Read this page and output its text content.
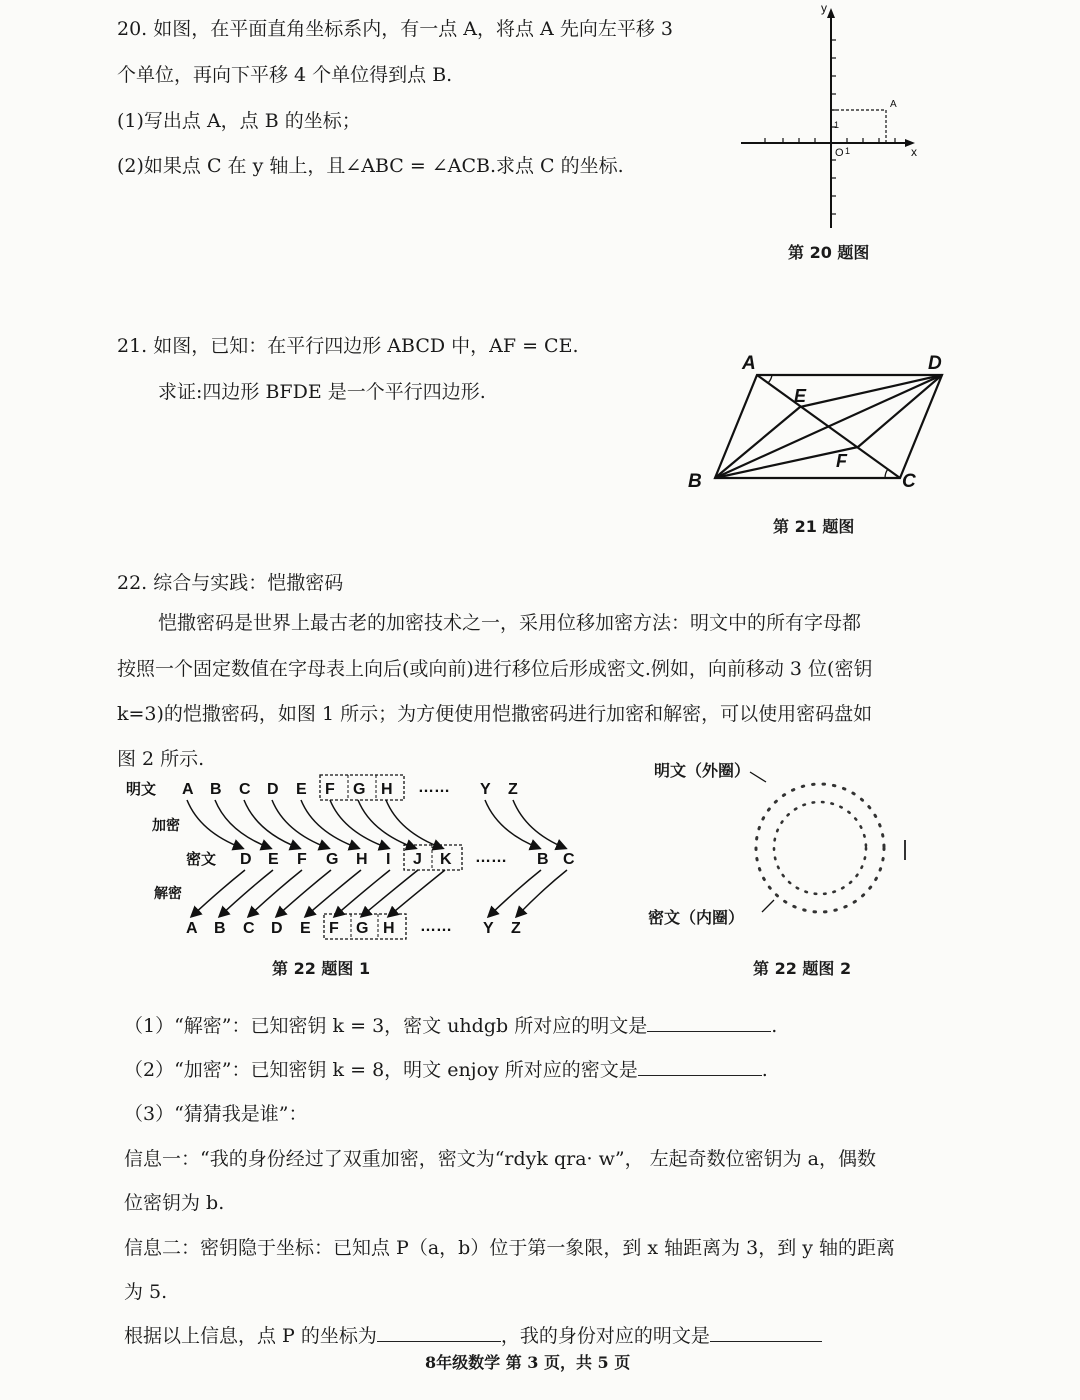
20. 如图，在平面直角坐标系内，有一点 A，将点 A 先向左平移 3
个单位，再向下平移 4 个单位得到点 B.
(1)写出点 A，点 B 的坐标；
(2)如果点 C 在 y 轴上，且∠ABC = ∠ACB.求点 C 的坐标.
y
x
O
1
1
A
第 20 题图
21. 如图，已知：在平行四边形 ABCD 中，AF = CE.
求证:四边形 BFDE 是一个平行四边形.
A	D
B	C
E
F
第 21 题图
22. 综合与实践：恺撒密码
恺撒密码是世界上最古老的加密技术之一，采用位移加密方法：明文中的所有字母都
按照一个固定数值在字母表上向后(或向前)进行移位后形成密文.例如，向前移动 3 位(密钥
k=3)的恺撒密码，如图 1 所示；为方便使用恺撒密码进行加密和解密，可以使用密码盘如
图 2 所示.
明文
加密
密文
解密
A B C D E F G H …… Y Z
D E F G H I J K …… B C
A B C D E F G H …… Y Z
第 22 题图 1
明文（外圈）
密文（内圈）
第 22 题图 2
（1）“解密”：已知密钥 k = 3，密文 uhdgb 所对应的明文是	.
（2）“加密”：已知密钥 k = 8，明文 enjoy 所对应的密文是	.
（3）“猜猜我是谁”：
信息一：“我的身份经过了双重加密，密文为“rdyk qra· w”， 左起奇数位密钥为 a，偶数
位密钥为 b.
信息二：密钥隐于坐标：已知点 P（a，b）位于第一象限，到 x 轴距离为 3，到 y 轴的距离
为 5.
根据以上信息，点 P 的坐标为	，我的身份对应的明文是
8年级数学 第 3 页，共 5 页
